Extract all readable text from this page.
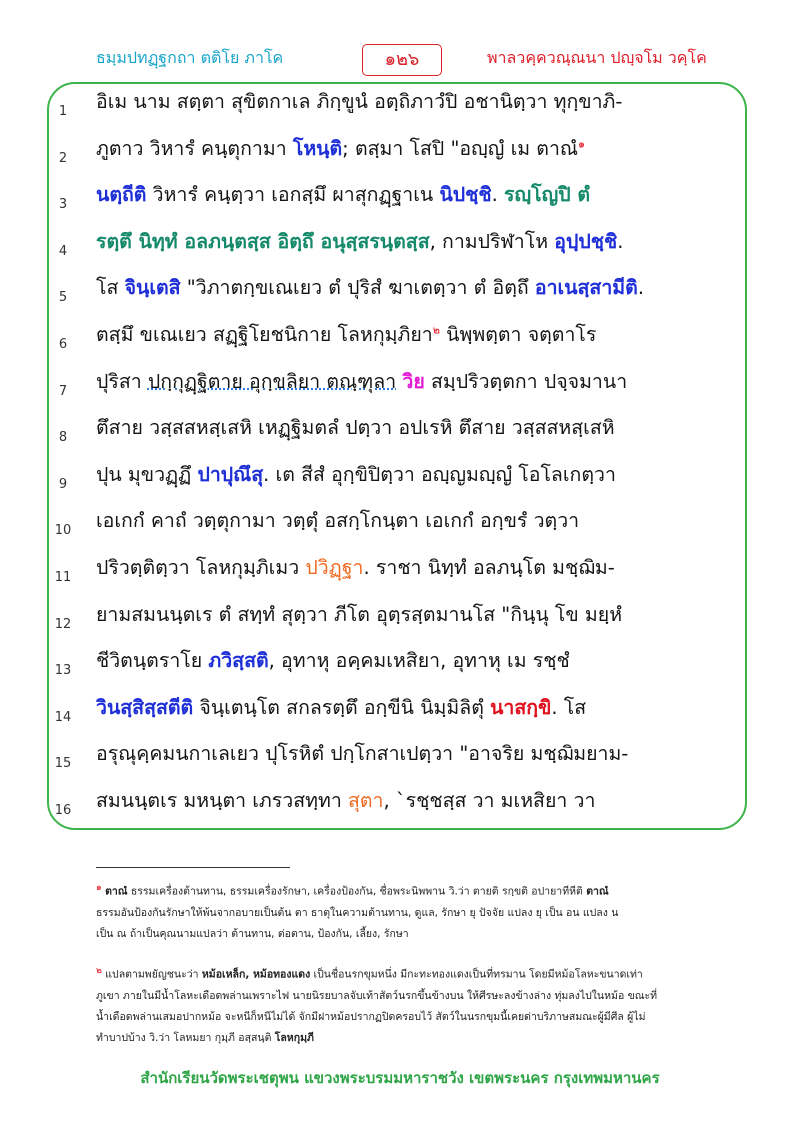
ธมฺมปทฏฺฐกถา ตติโย ภาโค	๑๒๖	พาลวคฺควณฺณนา ปญฺจโม วคฺโค
1	อิเม นาม สตฺตา สุขิตกาเล ภิกฺขูนํ อตฺถิภาวํปิ อชานิตฺวา ทุกฺขาภิ-
2	ภูตาว วิหารํ คนฺตุกามา โหนฺติ; ตสฺมา โสปิ "อญฺญํ เม ตาณํ$^๑$
3	นตฺถีติ วิหารํ คนฺตฺวา เอกสฺมึ ผาสุกฏฺฐาเน นิปชฺชิ. รญฺโญปิ ตํ
4	รตฺตึ นิทฺทํ อลภนฺตสฺส อิตฺถึ อนุสฺสรนฺตสฺส, กามปริฬาโห อุปฺปชฺชิ.
5	โส จินฺเตสิ "วิภาตกฺขเณเยว ตํ ปุริสํ ฆาเตตฺวา ตํ อิตฺถึ อาเนสฺสามีติ.
6	ตสฺมึ ขเณเยว สฏฺฐิโยชนิกาย โลหกุมฺภิยา$^๒$ นิพฺพตฺตา จตฺตาโร
7	ปุริสา ปกฺกุฏฺฐิตาย อุกฺขลิยา ตณฺฑุลา วิย สมฺปริวตฺตกา ปจฺจมานา
8	ตึสาย วสฺสสหสฺเสหิ เหฏฺฐิมตลํ ปตฺวา อปเรหิ ตึสาย วสฺสสหสฺเสหิ
9	ปุน มุขวฏฺฏึ ปาปุณึสุ. เต สีสํ อุกฺขิปิตฺวา อญฺญมญฺญํ โอโลเกตฺวา
10	เอเกกํ คาถํ วตฺตุกามา วตฺตุํ อสกฺโกนฺตา เอเกกํ อกฺขรํ วตฺวา
11	ปริวตฺติตฺวา โลหกุมฺภิเมว ปวิฏฺฐา. ราชา นิทฺทํ อลภนฺโต มชฺฌิม-
12	ยามสมนนฺตเร ตํ สทฺทํ สุตฺวา ภีโต อุตฺรสฺตมานโส "กินฺนุ โข มยฺหํ
13	ชีวิตนฺตราโย ภวิสฺสติ, อุทาหุ อคฺคมเหสิยา, อุทาหุ เม รชฺชํ
14	วินสฺสิสฺสตีติ จินฺเตนฺโต สกลรตฺตึ อกฺขีนิ นิมฺมิลิตุํ นาสกฺขิ. โส
15	อรุณุคฺคมนกาเลเยว ปุโรหิตํ ปกฺโกสาเปตฺวา "อาจริย มชฺฌิมยาม-
16	สมนนฺตเร มหนฺตา เภรวสทฺทา สุตา, `รชฺชสฺส วา มเหสิยา วา
๑ ตาณํ ธรรมเครื่องต้านทาน, ธรรมเครื่องรักษา, เครื่องป้องกัน, ชื่อพระนิพพาน วิ.ว่า ตายติ รกฺขติ อปายาทีหีติ ตาณํ
ธรรมอันป้องกันรักษาให้พ้นจากอบายเป็นต้น ตา ธาตุในความต้านทาน, ดูแล, รักษา ยุ ปัจจัย แปลง ยุ เป็น อน แปลง น
เป็น ณ ถ้าเป็นคุณนามแปลว่า ต้านทาน, ต่อตาน, ป้องกัน, เลี้ยง, รักษา
๒ แปลตามพยัญชนะว่า หม้อเหล็ก, หม้อทองแดง เป็นชื่อนรกขุมหนึ่ง มีกะทะทองแดงเป็นที่ทรมาน โดยมีหม้อโลหะขนาดเท่า
ภูเขา ภายในมีน้ำโลหะเดือดพล่านเพราะไฟ นายนิรยบาลจับเท้าสัตว์นรกขึ้นข้างบน ให้ศีรษะลงข้างล่าง ทุ่มลงไปในหม้อ ขณะที่
น้ำเดือดพล่านเสมอปากหม้อ จะหนีก็หนีไม่ได้ จักมีฝาหม้อปรากฏปิดครอบไว้ สัตว์ในนรกขุมนี้เคยด่าบริภาษสมณะผู้มีศีล ผู้ไม่
ทำบาปบ้าง วิ.ว่า โลหมยา กุมฺภี อสฺสนฺติ โลหกุมฺภี
สำนักเรียนวัดพระเชตุพน แขวงพระบรมมหาราชวัง เขตพระนคร กรุงเทพมหานคร
